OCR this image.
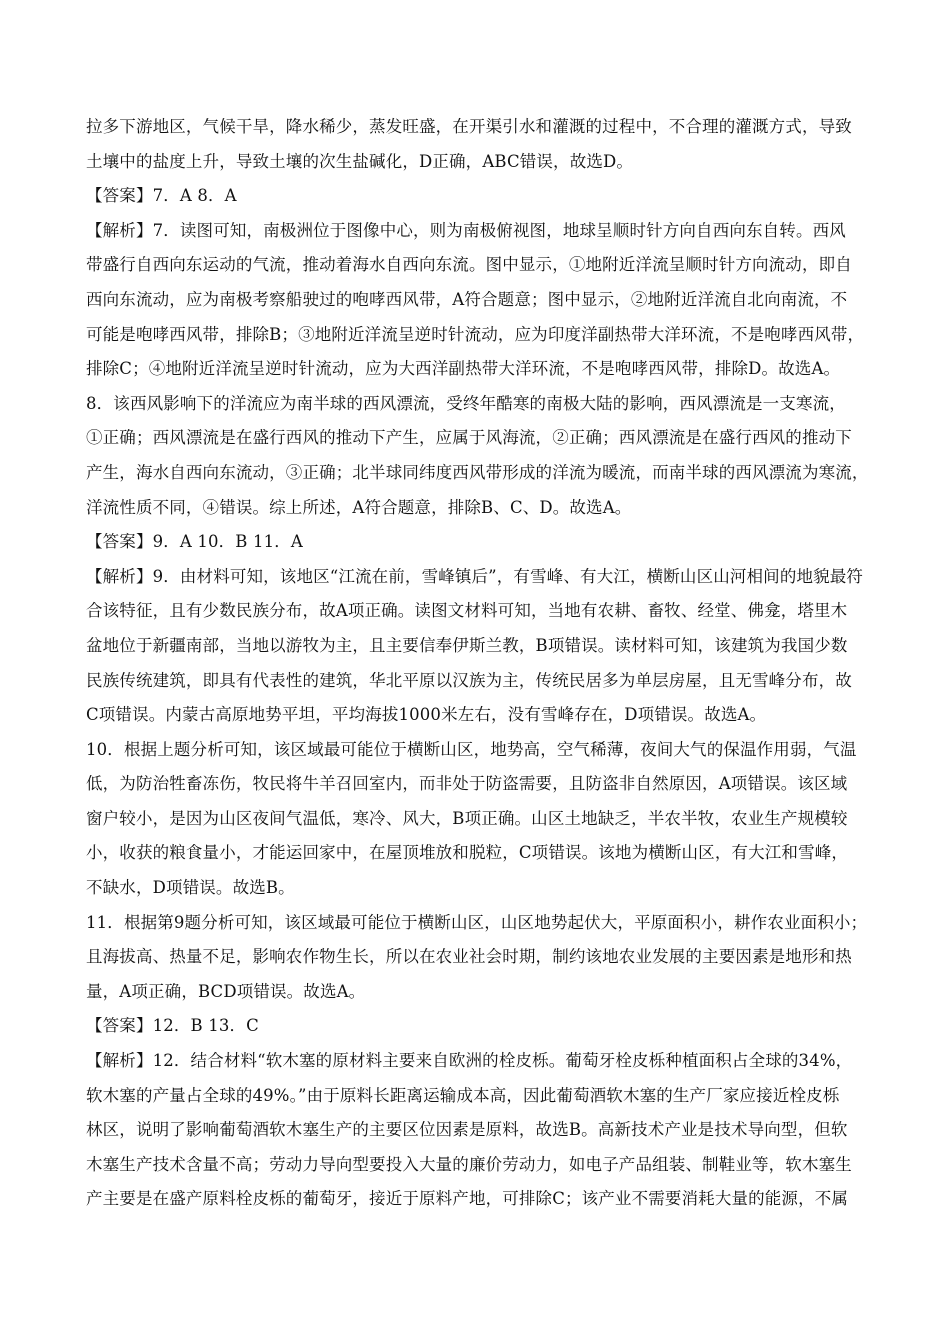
拉多下游地区，气候干旱，降水稀少，蒸发旺盛，在开渠引水和灌溉的过程中，不合理的灌溉方式，导致
土壤中的盐度上升，导致土壤的次生盐碱化，D正确，ABC错误，故选D。
【答案】7．A 8．A
【解析】7．读图可知，南极洲位于图像中心，则为南极俯视图，地球呈顺时针方向自西向东自转。西风
带盛行自西向东运动的气流，推动着海水自西向东流。图中显示，①地附近洋流呈顺时针方向流动，即自
西向东流动，应为南极考察船驶过的咆哮西风带，A符合题意；图中显示，②地附近洋流自北向南流，不
可能是咆哮西风带，排除B；③地附近洋流呈逆时针流动，应为印度洋副热带大洋环流，不是咆哮西风带，
排除C；④地附近洋流呈逆时针流动，应为大西洋副热带大洋环流，不是咆哮西风带，排除D。故选A。
8．该西风影响下的洋流应为南半球的西风漂流，受终年酷寒的南极大陆的影响，西风漂流是一支寒流，
①正确；西风漂流是在盛行西风的推动下产生，应属于风海流，②正确；西风漂流是在盛行西风的推动下
产生，海水自西向东流动，③正确；北半球同纬度西风带形成的洋流为暖流，而南半球的西风漂流为寒流，
洋流性质不同，④错误。综上所述，A符合题意，排除B、C、D。故选A。
【答案】9．A 10．B 11．A
【解析】9．由材料可知，该地区“江流在前，雪峰镇后”，有雪峰、有大江，横断山区山河相间的地貌最符
合该特征，且有少数民族分布，故A项正确。读图文材料可知，当地有农耕、畜牧、经堂、佛龛，塔里木
盆地位于新疆南部，当地以游牧为主，且主要信奉伊斯兰教，B项错误。读材料可知，该建筑为我国少数
民族传统建筑，即具有代表性的建筑，华北平原以汉族为主，传统民居多为单层房屋，且无雪峰分布，故
C项错误。内蒙古高原地势平坦，平均海拔1000米左右，没有雪峰存在，D项错误。故选A。
10．根据上题分析可知，该区域最可能位于横断山区，地势高，空气稀薄，夜间大气的保温作用弱，气温
低，为防治牲畜冻伤，牧民将牛羊召回室内，而非处于防盗需要，且防盗非自然原因，A项错误。该区域
窗户较小，是因为山区夜间气温低，寒冷、风大，B项正确。山区土地缺乏，半农半牧，农业生产规模较
小，收获的粮食量小，才能运回家中，在屋顶堆放和脱粒，C项错误。该地为横断山区，有大江和雪峰，
不缺水，D项错误。故选B。
11．根据第9题分析可知，该区域最可能位于横断山区，山区地势起伏大，平原面积小，耕作农业面积小；
且海拔高、热量不足，影响农作物生长，所以在农业社会时期，制约该地农业发展的主要因素是地形和热
量，A项正确，BCD项错误。故选A。
【答案】12．B 13．C
【解析】12．结合材料“软木塞的原材料主要来自欧洲的栓皮栎。葡萄牙栓皮栎种植面积占全球的34%，
软木塞的产量占全球的49%。”由于原料长距离运输成本高，因此葡萄酒软木塞的生产厂家应接近栓皮栎
林区，说明了影响葡萄酒软木塞生产的主要区位因素是原料，故选B。高新技术产业是技术导向型，但软
木塞生产技术含量不高；劳动力导向型要投入大量的廉价劳动力，如电子产品组装、制鞋业等，软木塞生
产主要是在盛产原料栓皮栎的葡萄牙，接近于原料产地，可排除C；该产业不需要消耗大量的能源，不属
